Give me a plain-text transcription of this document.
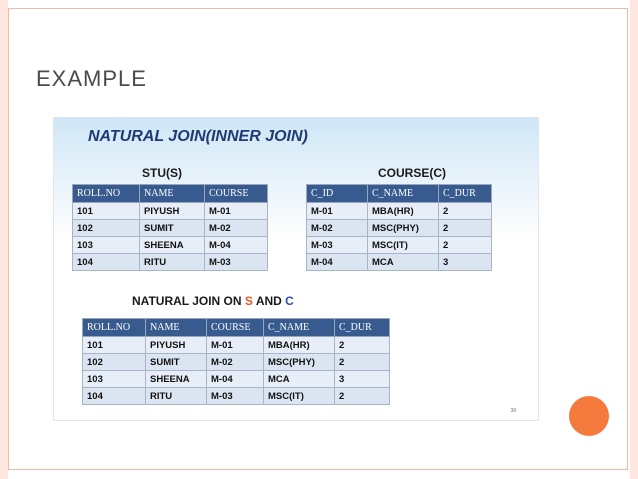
EXAMPLE
NATURAL JOIN(INNER JOIN)
STU(S)
ROLL.NO	NAME	COURSE
101	PIYUSH	M-01
102	SUMIT	M-02
103	SHEENA	M-04
104	RITU	M-03
COURSE(C)
C_ID	C_NAME	C_DUR
M-01	MBA(HR)	2
M-02	MSC(PHY)	2
M-03	MSC(IT)	2
M-04	MCA	3
NATURAL JOIN ON S AND C
ROLL.NO	NAME	COURSE	C_NAME	C_DUR
101	PIYUSH	M-01	MBA(HR)	2
102	SUMIT	M-02	MSC(PHY)	2
103	SHEENA	M-04	MCA	3
104	RITU	M-03	MSC(IT)	2
38
